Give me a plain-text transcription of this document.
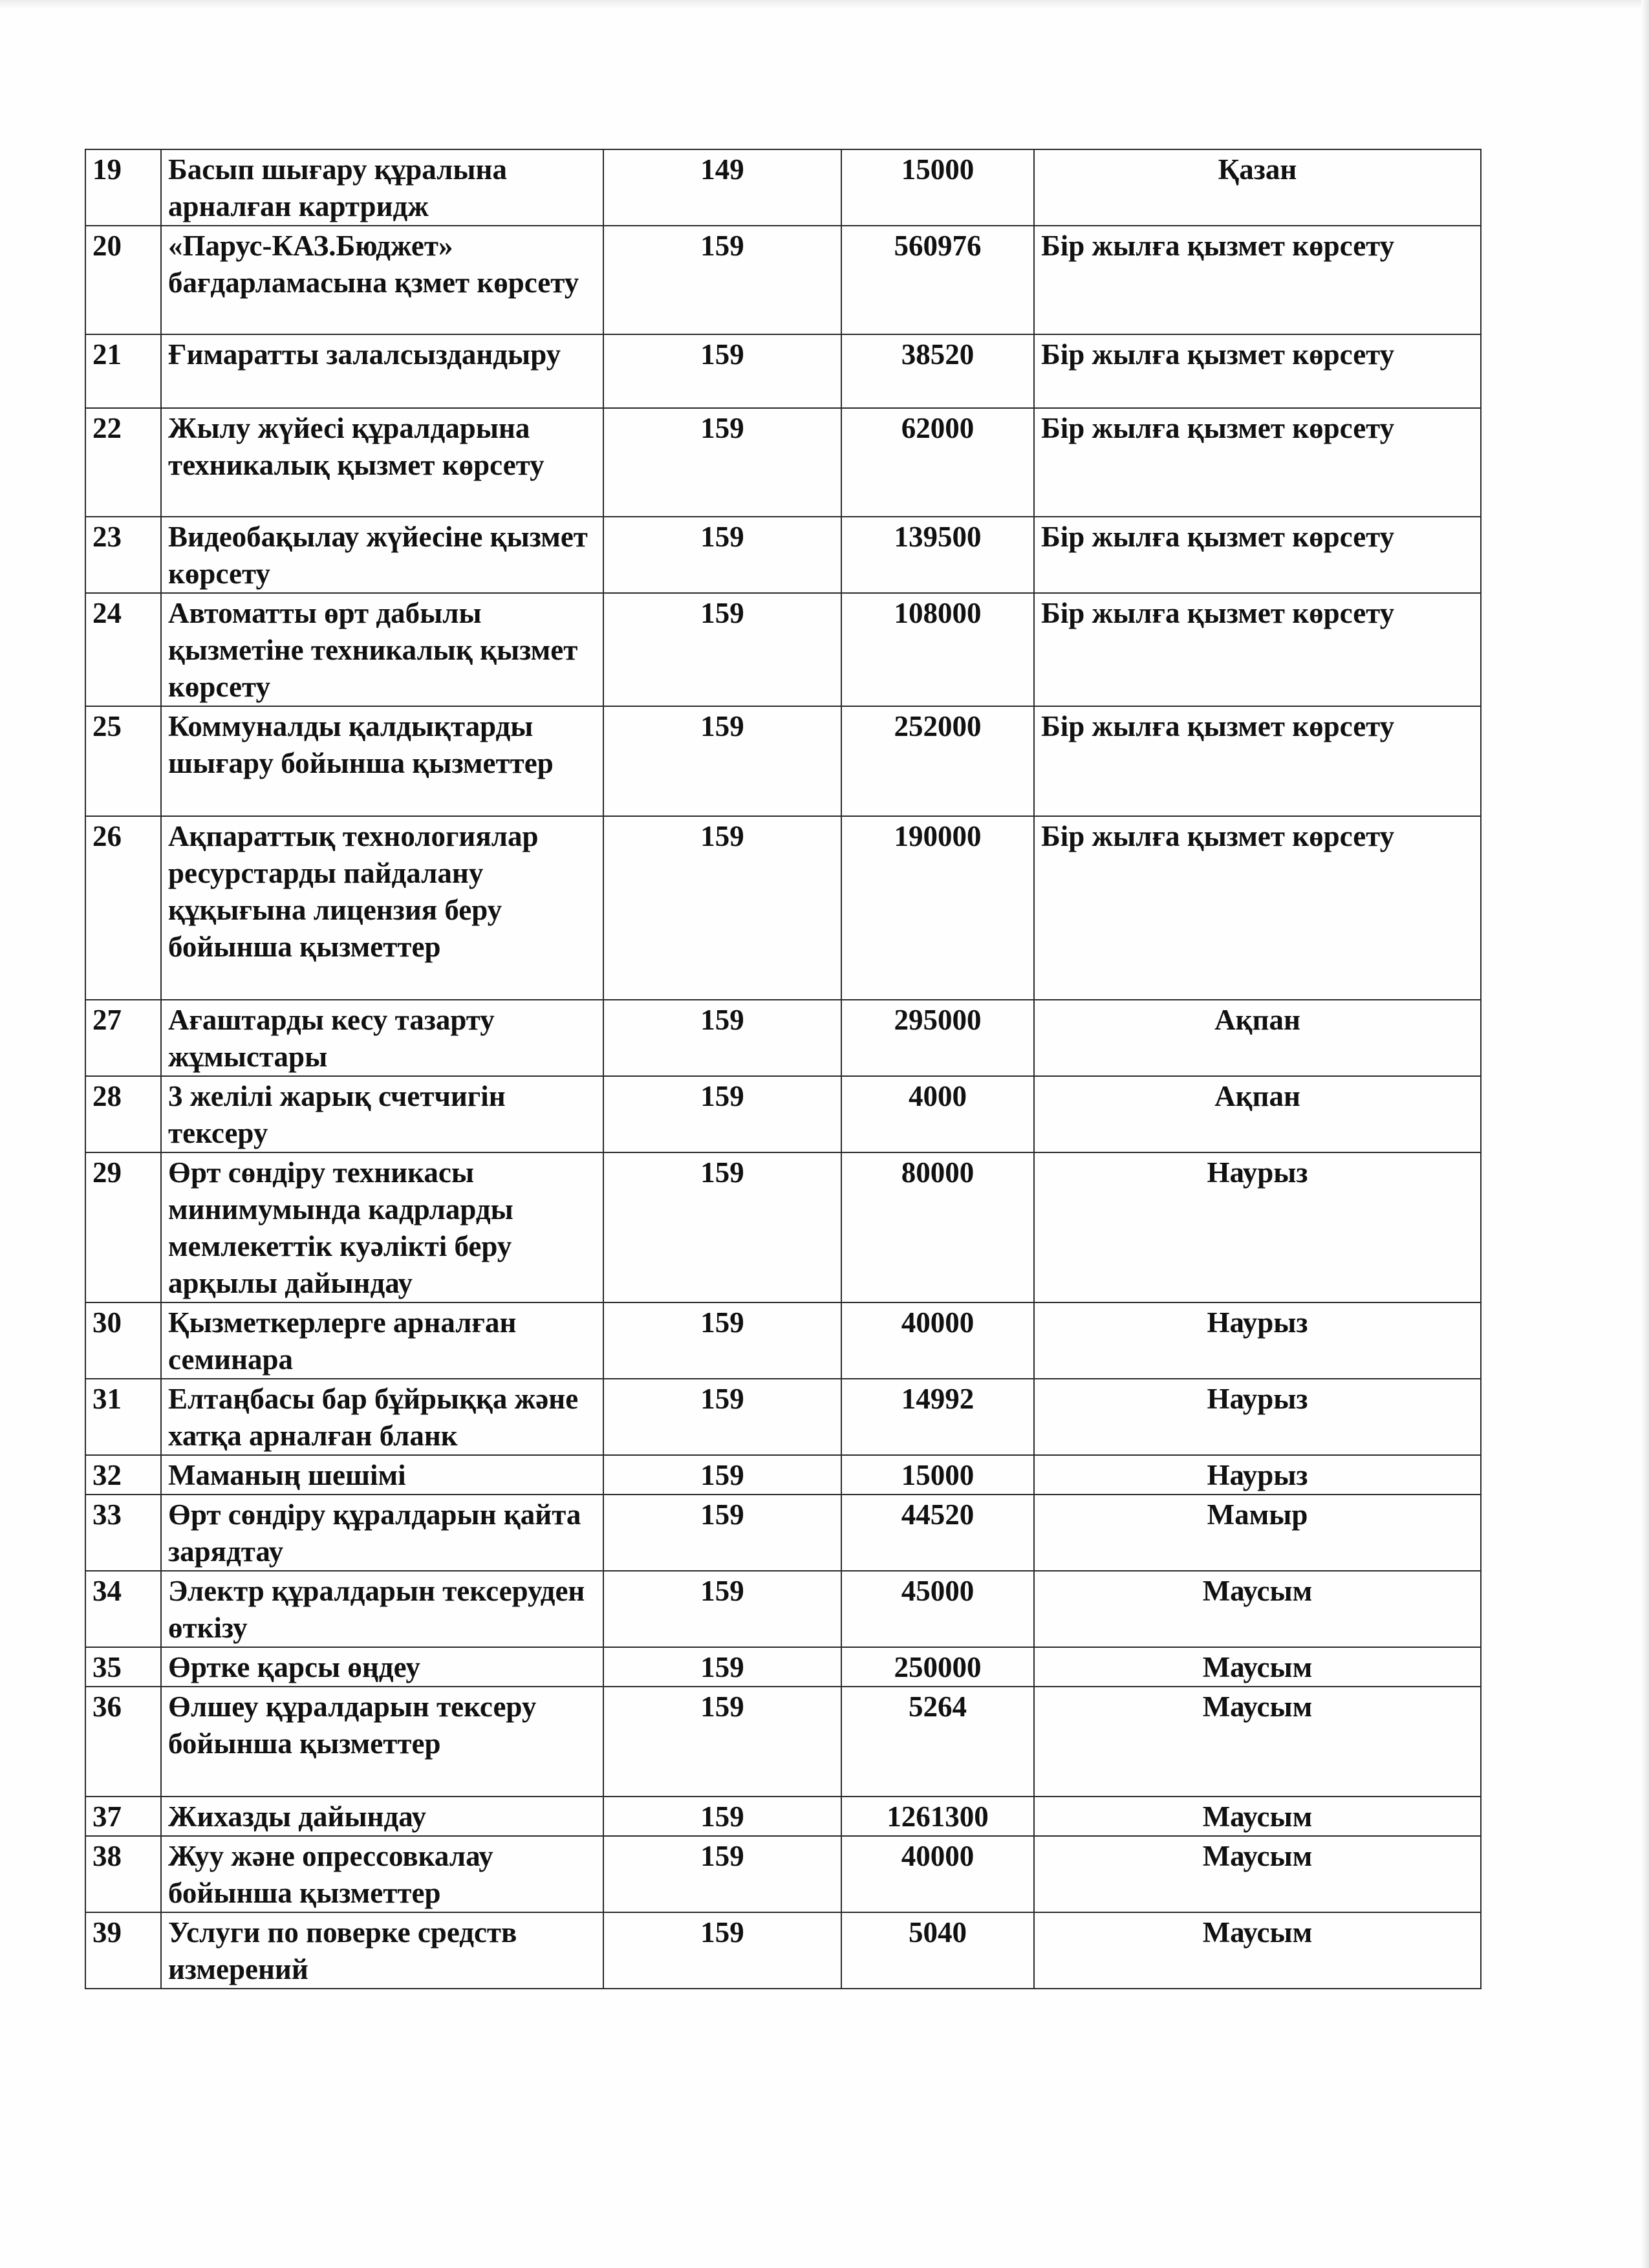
19	Басып шығару құралына арналған картридж	149	15000	Қазан
20	«Парус-КАЗ.Бюджет» бағдарламасына қзмет көрсету	159	560976	Бір жылға қызмет көрсету
21	Ғимаратты залалсыздандыру	159	38520	Бір жылға қызмет көрсету
22	Жылу жүйесі құралдарына техникалық қызмет көрсету	159	62000	Бір жылға қызмет көрсету
23	Видеобақылау жүйесіне қызмет көрсету	159	139500	Бір жылға қызмет көрсету
24	Автоматты өрт дабылы қызметіне техникалық қызмет көрсету	159	108000	Бір жылға қызмет көрсету
25	Коммуналды қалдықтарды шығару бойынша қызметтер	159	252000	Бір жылға қызмет көрсету
26	Ақпараттық технологиялар ресурстарды пайдалану құқығына лицензия беру бойынша қызметтер	159	190000	Бір жылға қызмет көрсету
27	Ағаштарды кесу тазарту жұмыстары	159	295000	Ақпан
28	3 желілі жарық счетчигін тексеру	159	4000	Ақпан
29	Өрт сөндіру техникасы минимумында кадрларды мемлекеттік куәлікті беру арқылы дайындау	159	80000	Наурыз
30	Қызметкерлерге арналған семинара	159	40000	Наурыз
31	Елтаңбасы бар бұйрыққа және хатқа арналған бланк	159	14992	Наурыз
32	Маманың шешімі	159	15000	Наурыз
33	Өрт сөндіру құралдарын қайта зарядтау	159	44520	Мамыр
34	Электр құралдарын тексеруден өткізу	159	45000	Маусым
35	Өртке қарсы өңдеу	159	250000	Маусым
36	Өлшеу құралдарын тексеру бойынша қызметтер	159	5264	Маусым
37	Жихазды дайындау	159	1261300	Маусым
38	Жуу және опрессовкалау бойынша қызметтер	159	40000	Маусым
39	Услуги по поверке средств измерений	159	5040	Маусым
